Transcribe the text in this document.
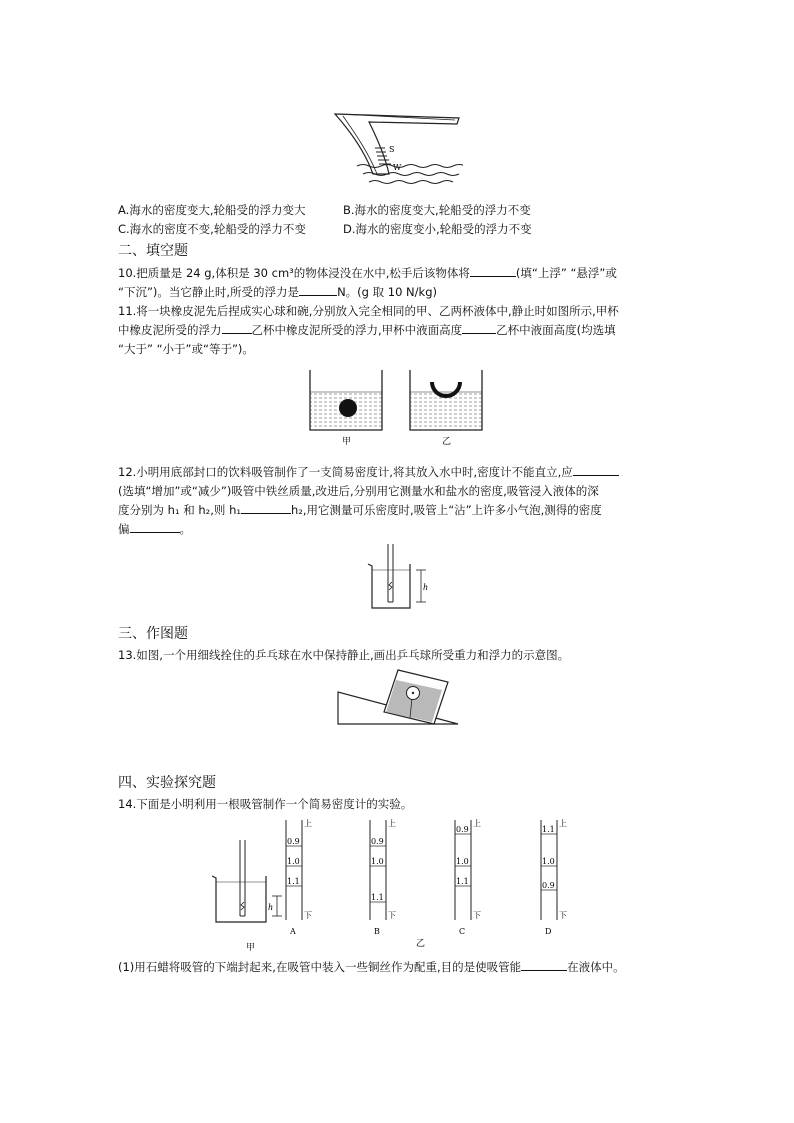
S
W
A.海水的密度变大,轮船受的浮力变大	B.海水的密度变大,轮船受的浮力不变
C.海水的密度不变,轮船受的浮力不变	D.海水的密度变小,轮船受的浮力不变
二、填空题
10.把质量是 24 g,体积是 30 cm³的物体浸没在水中,松手后该物体将	(填“上浮” “悬浮”或
“下沉”)。当它静止时,所受的浮力是	N。(g 取 10 N/kg)
11.将一块橡皮泥先后捏成实心球和碗,分别放入完全相同的甲、乙两杯液体中,静止时如图所示,甲杯
中橡皮泥所受的浮力	乙杯中橡皮泥所受的浮力,甲杯中液面高度	乙杯中液面高度(均选填
“大于” “小于”或“等于”)。
甲	乙
12.小明用底部封口的饮料吸管制作了一支简易密度计,将其放入水中时,密度计不能直立,应
(选填“增加”或“减少”)吸管中铁丝质量,改进后,分别用它测量水和盐水的密度,吸管浸入液体的深
度分别为 h₁ 和 h₂,则 h₁	h₂,用它测量可乐密度时,吸管上“沾”上许多小气泡,测得的密度
偏	。
h
三、作图题
13.如图,一个用细线拴住的乒乓球在水中保持静止,画出乒乓球所受重力和浮力的示意图。
四、实验探究题
14.下面是小明利用一根吸管制作一个简易密度计的实验。
h
甲
0.9
1.0
1.1
上
下
A
0.9
1.0
1.1
上
下
B
乙
0.9
1.0
1.1
上
下
C
1.1
1.0
0.9
上
下
D
(1)用石蜡将吸管的下端封起来,在吸管中装入一些铜丝作为配重,目的是使吸管能	在液体中。
